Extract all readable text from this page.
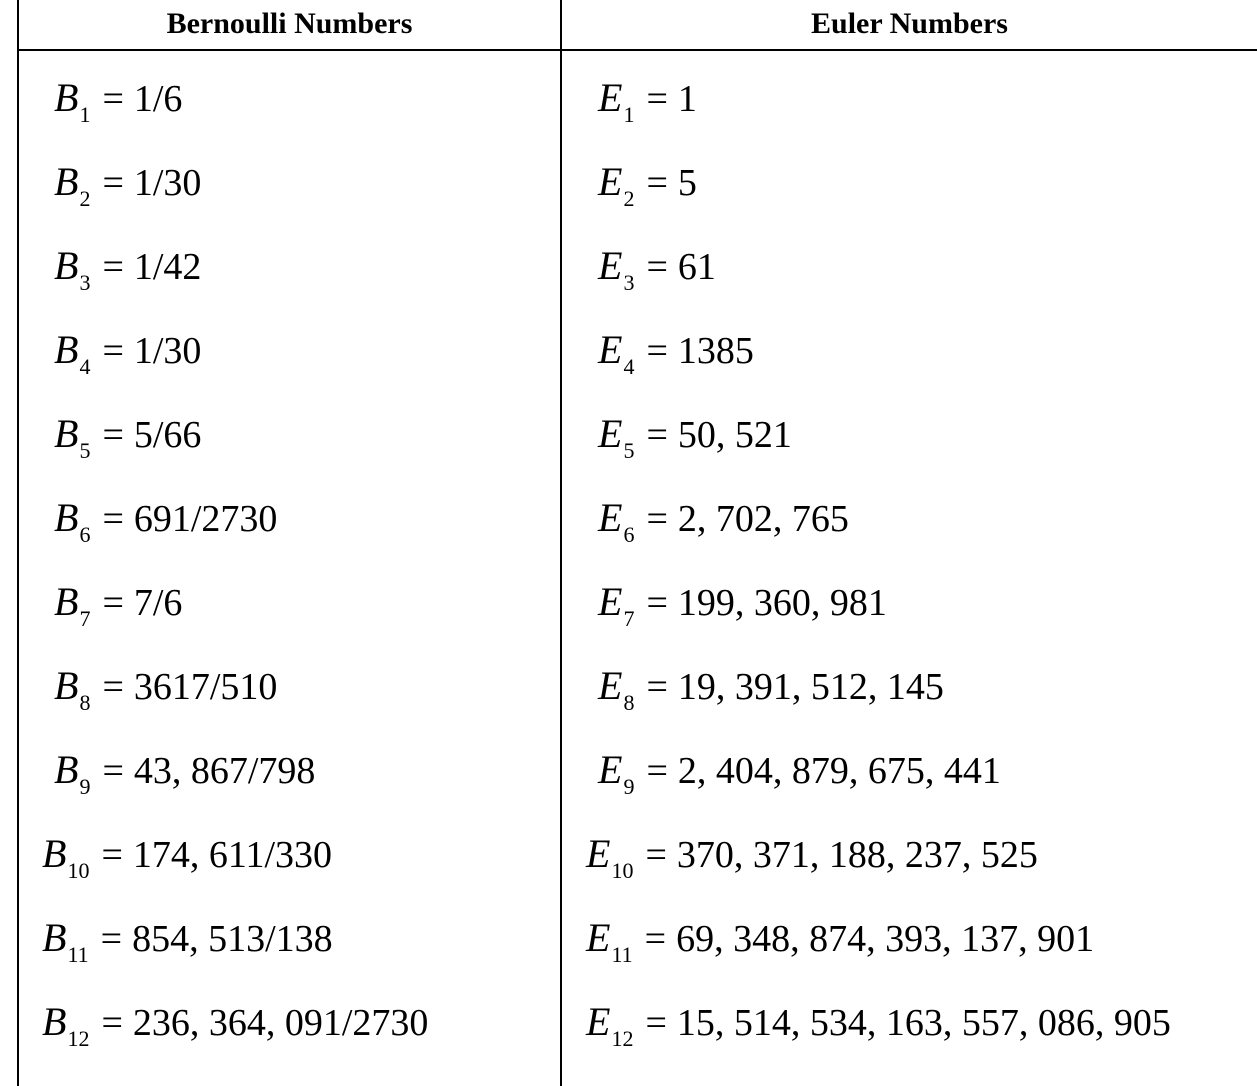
Bernoulli Numbers	Euler Numbers
$B_1 = 1/6$
$B_2 = 1/30$
$B_3 = 1/42$
$B_4 = 1/30$
$B_5 = 5/66$
$B_6 = 691/2730$
$B_7 = 7/6$
$B_8 = 3617/510$
$B_9 = 43$, 867/798
$B_{10} = 174$, 611/330
$B_{11} = 854$, 513/138
$B_{12} = 236$, 364, 091/2730
$E_1 = 1$
$E_2 = 5$
$E_3 = 61$
$E_4 = 1385$
$E_5 = 50$, 521
$E_6 = 2$, 702, 765
$E_7 = 199$, 360, 981
$E_8 = 19$, 391, 512, 145
$E_9 = 2$, 404, 879, 675, 441
$E_{10} = 370$, 371, 188, 237, 525
$E_{11} = 69$, 348, 874, 393, 137, 901
$E_{12} = 15$, 514, 534, 163, 557, 086, 905
